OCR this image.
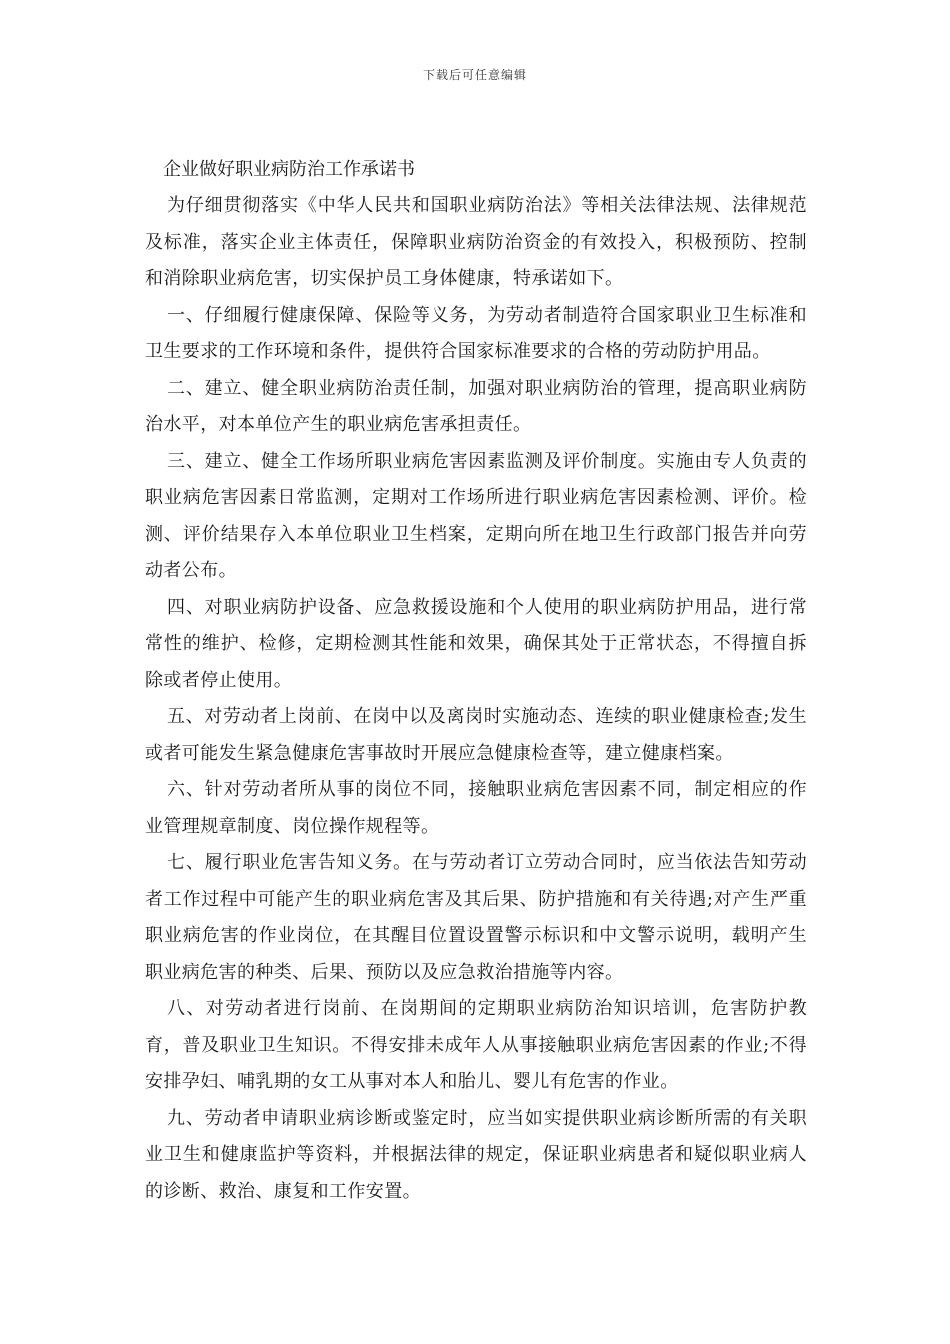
下载后可任意编辑

企业做好职业病防治工作承诺书

为仔细贯彻落实《中华人民共和国职业病防治法》等相关法律法规、法律规范及标准，落实企业主体责任，保障职业病防治资金的有效投入，积极预防、控制和消除职业病危害，切实保护员工身体健康，特承诺如下。

一、仔细履行健康保障、保险等义务，为劳动者制造符合国家职业卫生标准和卫生要求的工作环境和条件，提供符合国家标准要求的合格的劳动防护用品。

二、建立、健全职业病防治责任制，加强对职业病防治的管理，提高职业病防治水平，对本单位产生的职业病危害承担责任。

三、建立、健全工作场所职业病危害因素监测及评价制度。实施由专人负责的职业病危害因素日常监测，定期对工作场所进行职业病危害因素检测、评价。检测、评价结果存入本单位职业卫生档案，定期向所在地卫生行政部门报告并向劳动者公布。

四、对职业病防护设备、应急救援设施和个人使用的职业病防护用品，进行常常性的维护、检修，定期检测其性能和效果，确保其处于正常状态，不得擅自拆除或者停止使用。

五、对劳动者上岗前、在岗中以及离岗时实施动态、连续的职业健康检查;发生或者可能发生紧急健康危害事故时开展应急健康检查等，建立健康档案。

六、针对劳动者所从事的岗位不同，接触职业病危害因素不同，制定相应的作业管理规章制度、岗位操作规程等。

七、履行职业危害告知义务。在与劳动者订立劳动合同时，应当依法告知劳动者工作过程中可能产生的职业病危害及其后果、防护措施和有关待遇;对产生严重职业病危害的作业岗位，在其醒目位置设置警示标识和中文警示说明，载明产生职业病危害的种类、后果、预防以及应急救治措施等内容。

八、对劳动者进行岗前、在岗期间的定期职业病防治知识培训，危害防护教育，普及职业卫生知识。不得安排未成年人从事接触职业病危害因素的作业;不得安排孕妇、哺乳期的女工从事对本人和胎儿、婴儿有危害的作业。

九、劳动者申请职业病诊断或鉴定时，应当如实提供职业病诊断所需的有关职业卫生和健康监护等资料，并根据法律的规定，保证职业病患者和疑似职业病人的诊断、救治、康复和工作安置。
